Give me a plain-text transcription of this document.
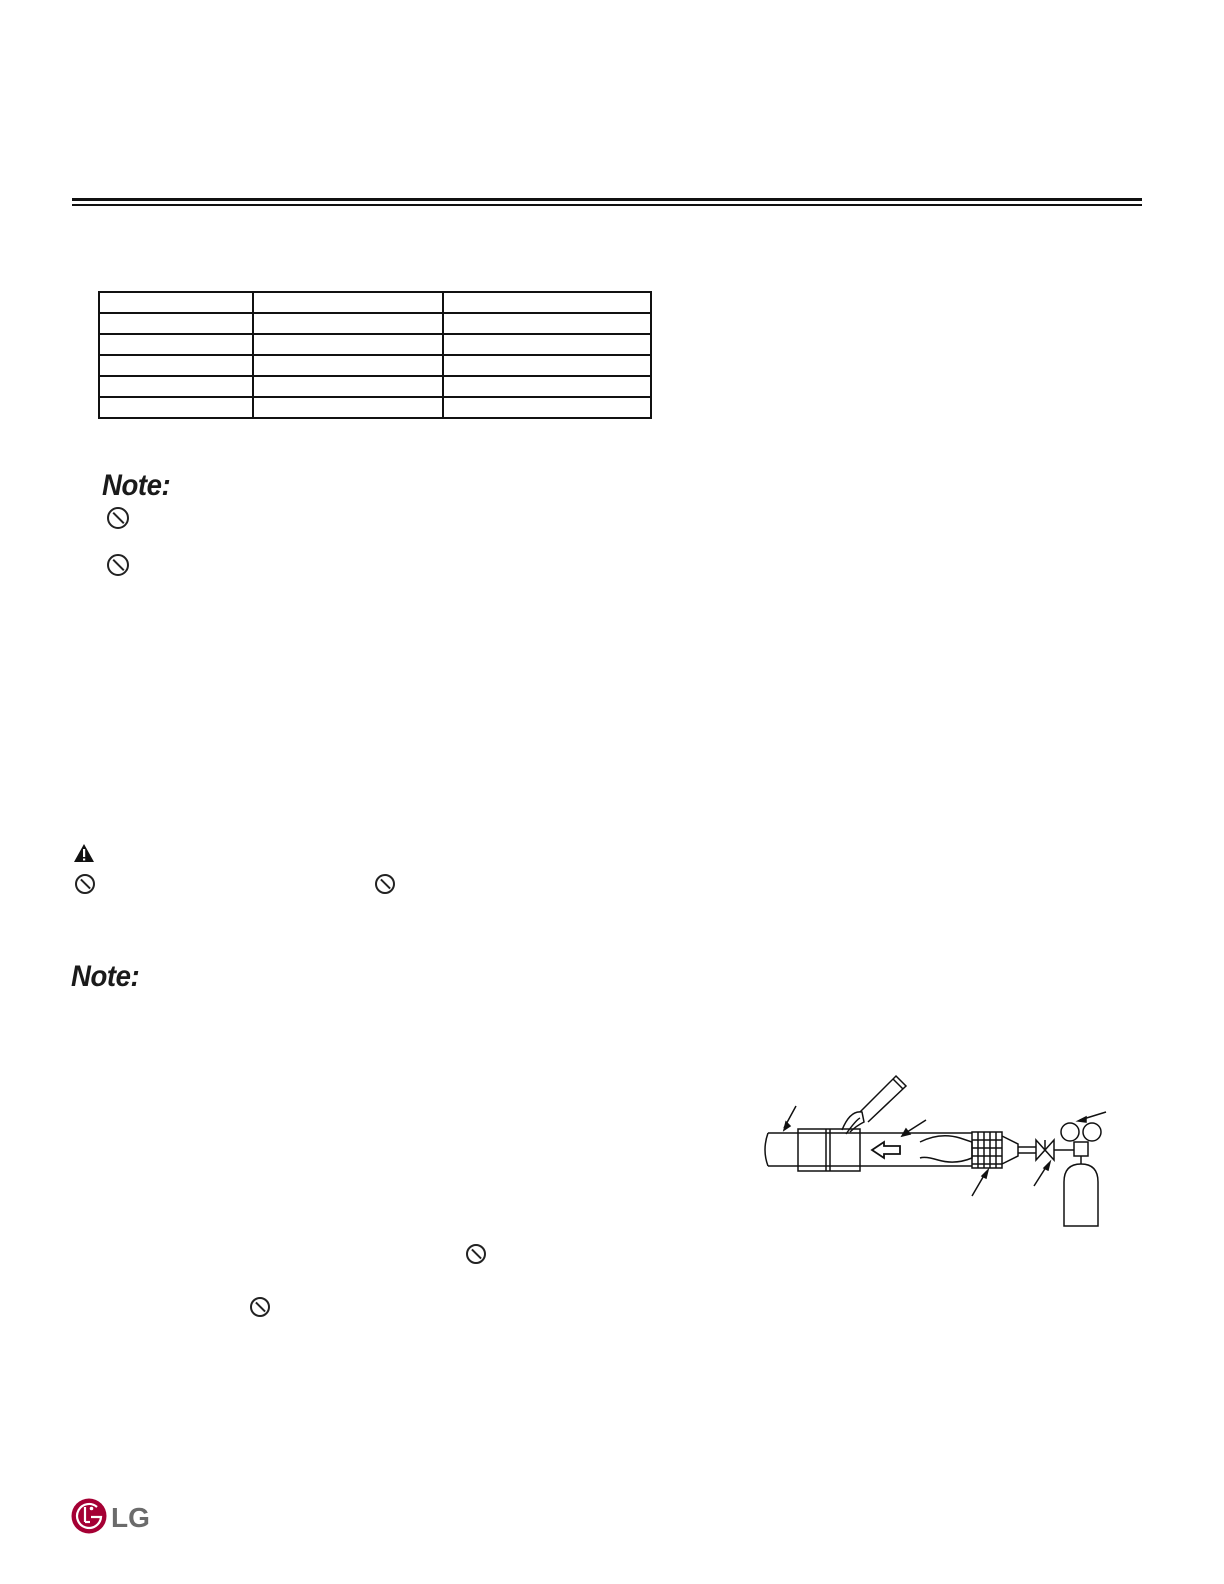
Note:
Note:
LG
